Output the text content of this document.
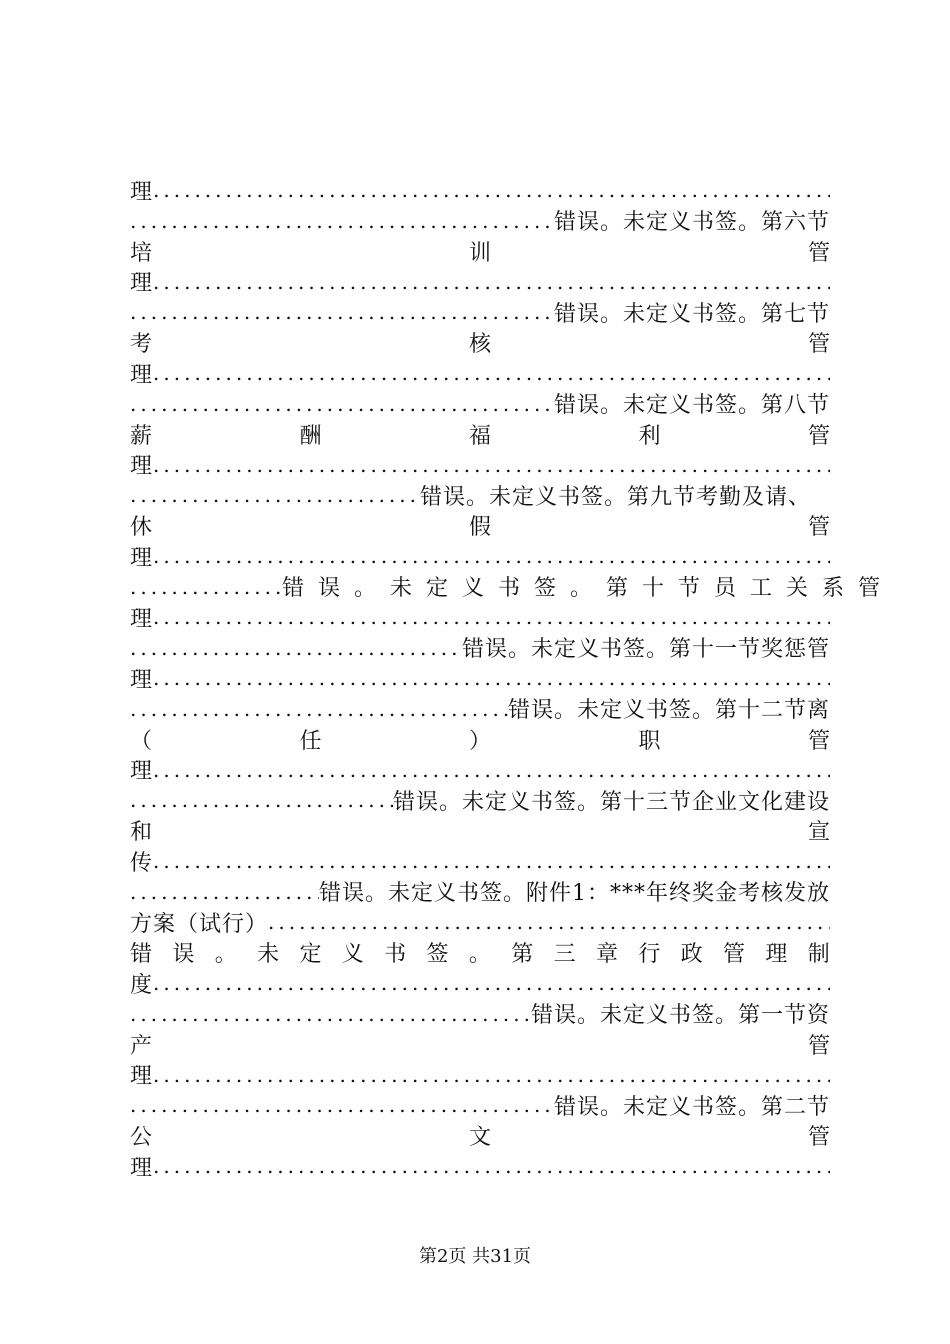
理
.....
.....
错误。未定义书签。第六节
培	训	管
理
.....
.....
错误。未定义书签。第七节
考	核	管
理
.....
.....
错误。未定义书签。第八节
薪	酬	福	利	管
理
.....
.....
错误。未定义书签。第九节考勤及请、
休	假	管
理
.....
.....
错误。未定义书签。第十节员工关系管
理
.....
.....
错误。未定义书签。第十一节奖惩管
理
.....
.....
错误。未定义书签。第十二节离
（	任	）	职	管
理
.....
.....
错误。未定义书签。第十三节企业文化建设
和	宣
传
.....
.....
错误。未定义书签。附件1：***年终奖金考核发放
方案（试行）
.....
错 误 。 未 定 义 书 签 。 第 三 章 行 政 管 理 制
度
.....
.....
错误。未定义书签。第一节资
产	管
理
.....
.....
错误。未定义书签。第二节
公	文	管
理
.....
第2页 共31页
